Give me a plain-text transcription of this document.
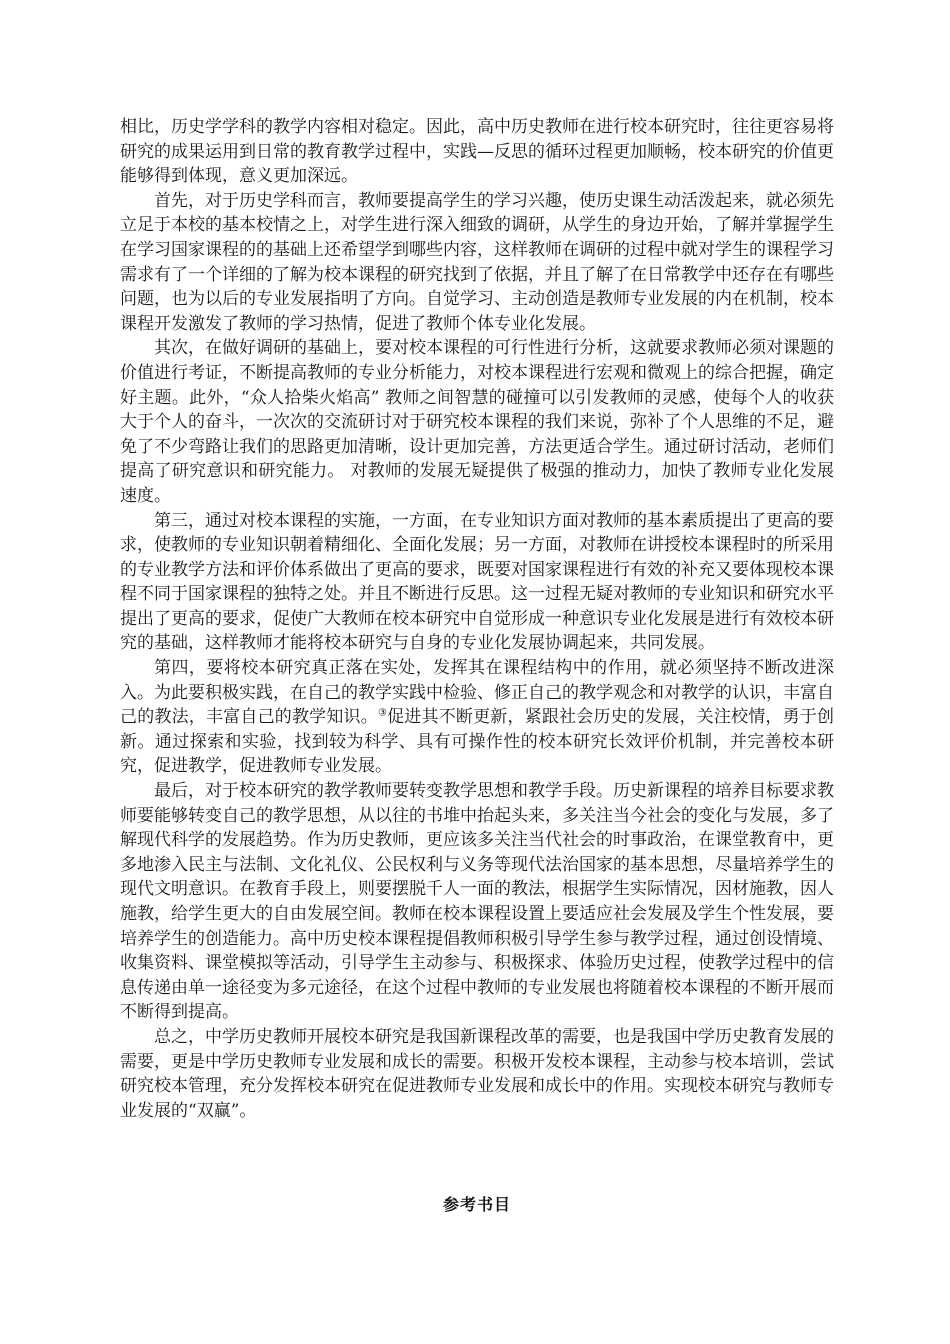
相比，历史学学科的教学内容相对稳定。因此，高中历史教师在进行校本研究时，往往更容易将研究的成果运用到日常的教育教学过程中，实践—反思的循环过程更加顺畅，校本研究的价值更能够得到体现，意义更加深远。

首先，对于历史学科而言，教师要提高学生的学习兴趣，使历史课生动活泼起来，就必须先立足于本校的基本校情之上，对学生进行深入细致的调研，从学生的身边开始，了解并掌握学生在学习国家课程的的基础上还希望学到哪些内容，这样教师在调研的过程中就对学生的课程学习需求有了一个详细的了解为校本课程的研究找到了依据，并且了解了在日常教学中还存在有哪些问题，也为以后的专业发展指明了方向。自觉学习、主动创造是教师专业发展的内在机制，校本课程开发激发了教师的学习热情，促进了教师个体专业化发展。

其次，在做好调研的基础上，要对校本课程的可行性进行分析，这就要求教师必须对课题的价值进行考证，不断提高教师的专业分析能力，对校本课程进行宏观和微观上的综合把握，确定好主题。此外，“众人拾柴火焰高” 教师之间智慧的碰撞可以引发教师的灵感，使每个人的收获大于个人的奋斗，一次次的交流研讨对于研究校本课程的我们来说，弥补了个人思维的不足，避免了不少弯路让我们的思路更加清晰，设计更加完善，方法更适合学生。通过研讨活动，老师们提高了研究意识和研究能力。 对教师的发展无疑提供了极强的推动力，加快了教师专业化发展速度。

第三，通过对校本课程的实施，一方面，在专业知识方面对教师的基本素质提出了更高的要求，使教师的专业知识朝着精细化、全面化发展；另一方面，对教师在讲授校本课程时的所采用的专业教学方法和评价体系做出了更高的要求，既要对国家课程进行有效的补充又要体现校本课程不同于国家课程的独特之处。并且不断进行反思。这一过程无疑对教师的专业知识和研究水平提出了更高的要求，促使广大教师在校本研究中自觉形成一种意识专业化发展是进行有效校本研究的基础，这样教师才能将校本研究与自身的专业化发展协调起来，共同发展。

第四，要将校本研究真正落在实处，发挥其在课程结构中的作用，就必须坚持不断改进深入。为此要积极实践，在自己的教学实践中检验、修正自己的教学观念和对教学的认识，丰富自己的教法，丰富自己的教学知识。③促进其不断更新，紧跟社会历史的发展，关注校情，勇于创新。通过探索和实验，找到较为科学、具有可操作性的校本研究长效评价机制，并完善校本研究，促进教学，促进教师专业发展。

最后，对于校本研究的教学教师要转变教学思想和教学手段。历史新课程的培养目标要求教师要能够转变自己的教学思想，从以往的书堆中抬起头来，多关注当今社会的变化与发展，多了解现代科学的发展趋势。作为历史教师，更应该多关注当代社会的时事政治，在课堂教育中，更多地渗入民主与法制、文化礼仪、公民权利与义务等现代法治国家的基本思想，尽量培养学生的现代文明意识。在教育手段上，则要摆脱千人一面的教法，根据学生实际情况，因材施教，因人施教，给学生更大的自由发展空间。教师在校本课程设置上要适应社会发展及学生个性发展，要培养学生的创造能力。高中历史校本课程提倡教师积极引导学生参与教学过程，通过创设情境、收集资料、课堂模拟等活动，引导学生主动参与、积极探求、体验历史过程，使教学过程中的信息传递由单一途径变为多元途径，在这个过程中教师的专业发展也将随着校本课程的不断开展而不断得到提高。

总之，中学历史教师开展校本研究是我国新课程改革的需要，也是我国中学历史教育发展的需要，更是中学历史教师专业发展和成长的需要。积极开发校本课程，主动参与校本培训，尝试研究校本管理，充分发挥校本研究在促进教师专业发展和成长中的作用。实现校本研究与教师专业发展的“双赢”。

参考书目
